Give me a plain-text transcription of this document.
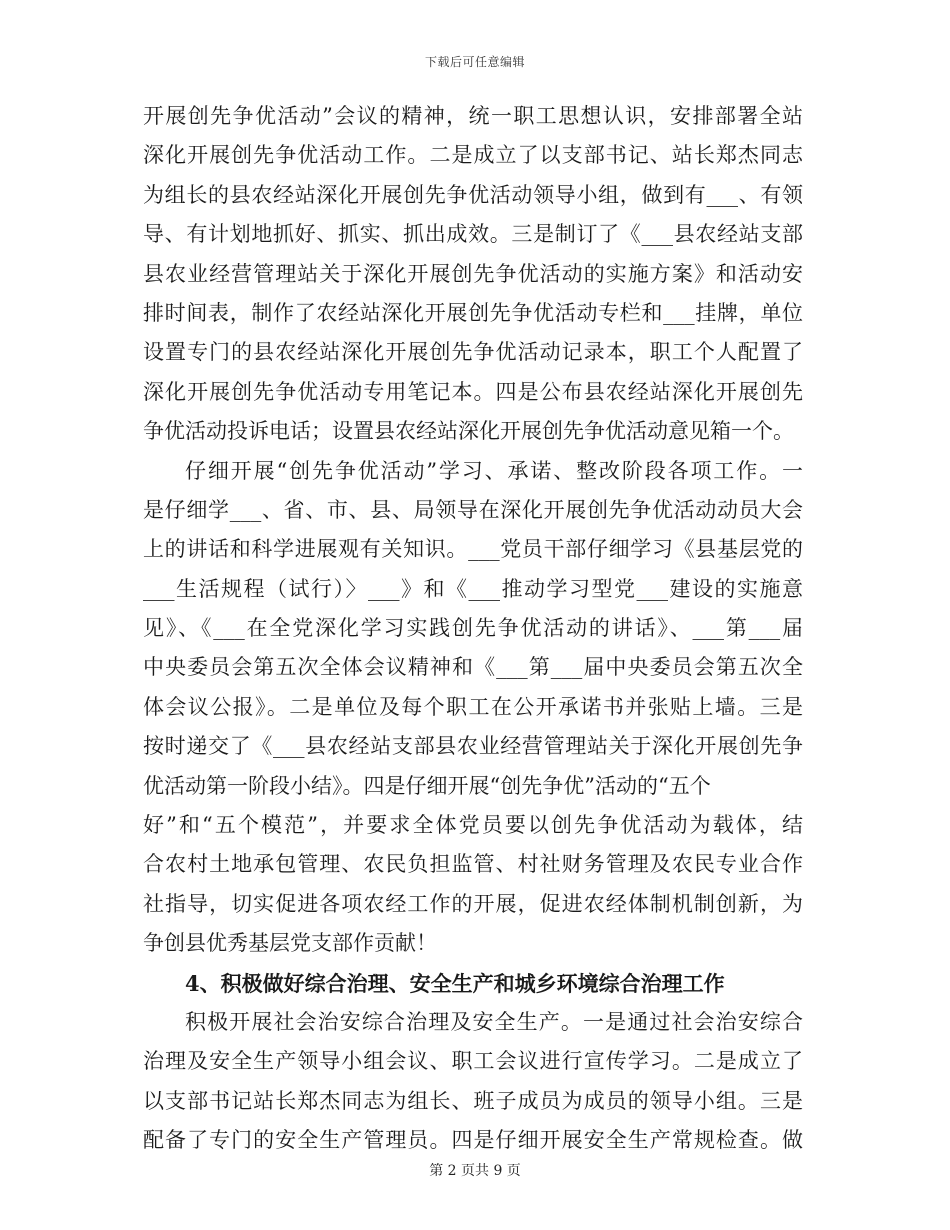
下载后可任意编辑
开展创先争优活动”会议的精神，统一职工思想认识，安排部署全站
深化开展创先争优活动工作。二是成立了以支部书记、站长郑杰同志
为组长的县农经站深化开展创先争优活动领导小组，做到有___、有领
导、有计划地抓好、抓实、抓出成效。三是制订了《___县农经站支部
县农业经营管理站关于深化开展创先争优活动的实施方案》和活动安
排时间表，制作了农经站深化开展创先争优活动专栏和___挂牌，单位
设置专门的县农经站深化开展创先争优活动记录本，职工个人配置了
深化开展创先争优活动专用笔记本。四是公布县农经站深化开展创先
争优活动投诉电话；设置县农经站深化开展创先争优活动意见箱一个。
仔细开展“创先争优活动”学习、承诺、整改阶段各项工作。一
是仔细学___、省、市、县、局领导在深化开展创先争优活动动员大会
上的讲话和科学进展观有关知识。___党员干部仔细学习《县基层党的
___生活规程（试行）〉___》和《___推动学习型党___建设的实施意
见》、《___在全党深化学习实践创先争优活动的讲话》、___第___届
中央委员会第五次全体会议精神和《___第___届中央委员会第五次全
体会议公报》。二是单位及每个职工在公开承诺书并张贴上墙。三是
按时递交了《___县农经站支部县农业经营管理站关于深化开展创先争
优活动第一阶段小结》。四是仔细开展“创先争优”活动的“五个
好”和“五个模范”，并要求全体党员要以创先争优活动为载体，结
合农村土地承包管理、农民负担监管、村社财务管理及农民专业合作
社指导，切实促进各项农经工作的开展，促进农经体制机制创新，为
争创县优秀基层党支部作贡献！
4、积极做好综合治理、安全生产和城乡环境综合治理工作
积极开展社会治安综合治理及安全生产。一是通过社会治安综合
治理及安全生产领导小组会议、职工会议进行宣传学习。二是成立了
以支部书记站长郑杰同志为组长、班子成员为成员的领导小组。三是
配备了专门的安全生产管理员。四是仔细开展安全生产常规检查。做
第 2 页共 9 页
